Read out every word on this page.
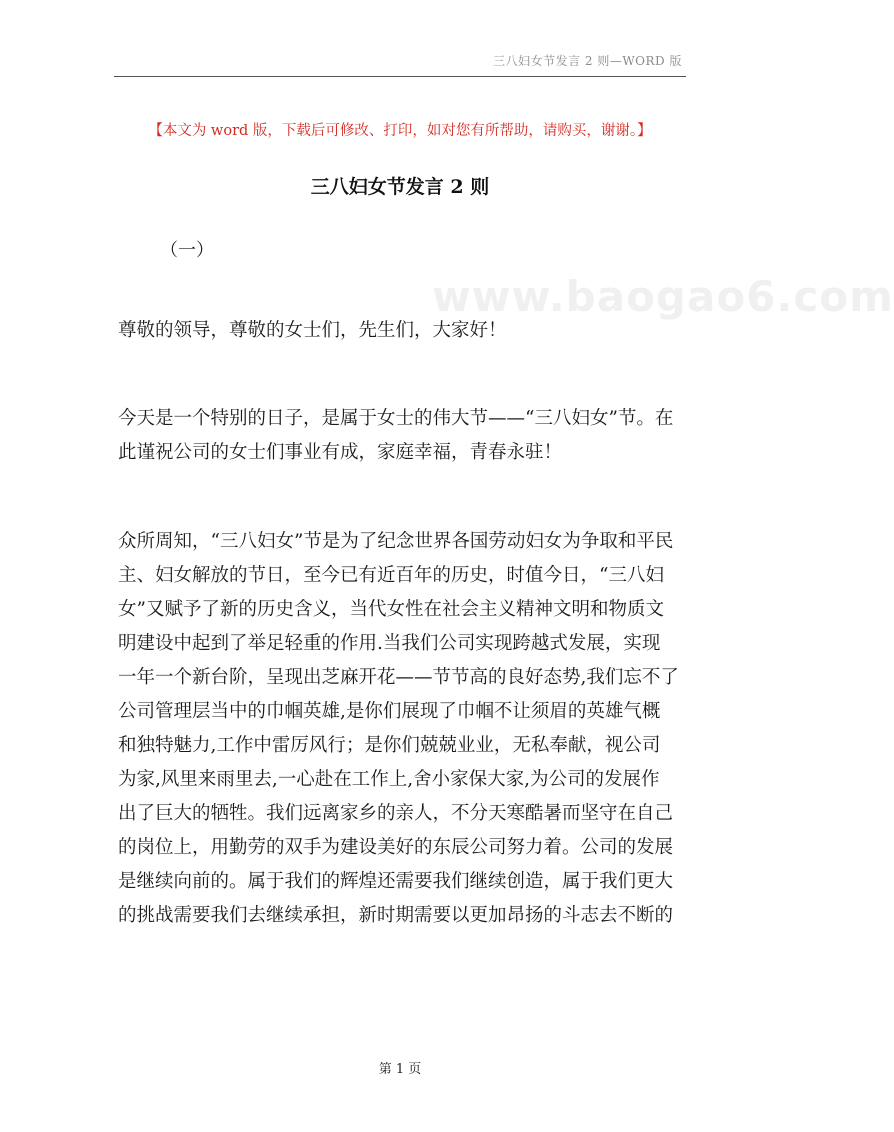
三八妇女节发言 2 则—WORD 版
【本文为 word 版，下载后可修改、打印，如对您有所帮助，请购买，谢谢。】
三八妇女节发言 2 则
（一）
www.baogao6.com
尊敬的领导，尊敬的女士们，先生们，大家好！
今天是一个特别的日子，是属于女士的伟大节——“三八妇女”节。在
此谨祝公司的女士们事业有成，家庭幸福，青春永驻！
众所周知，“三八妇女”节是为了纪念世界各国劳动妇女为争取和平民
主、妇女解放的节日，至今已有近百年的历史，时值今日，“三八妇
女”又赋予了新的历史含义，当代女性在社会主义精神文明和物质文
明建设中起到了举足轻重的作用.当我们公司实现跨越式发展，实现
一年一个新台阶，呈现出芝麻开花——节节高的良好态势,我们忘不了
公司管理层当中的巾帼英雄,是你们展现了巾帼不让须眉的英雄气概
和独特魅力,工作中雷厉风行；是你们兢兢业业，无私奉献，视公司
为家,风里来雨里去,一心赴在工作上,舍小家保大家,为公司的发展作
出了巨大的牺牲。我们远离家乡的亲人，不分天寒酷暑而坚守在自己
的岗位上，用勤劳的双手为建设美好的东辰公司努力着。公司的发展
是继续向前的。属于我们的辉煌还需要我们继续创造，属于我们更大
的挑战需要我们去继续承担，新时期需要以更加昂扬的斗志去不断的
第 1 页
